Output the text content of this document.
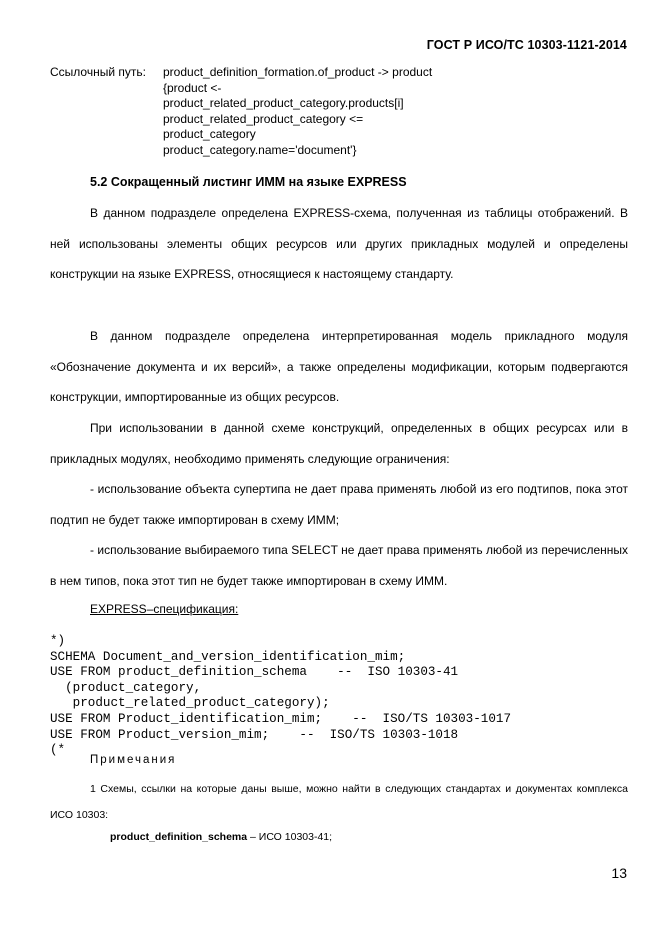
ГОСТ Р ИСО/ТС 10303-1121-2014
Ссылочный путь: product_definition_formation.of_product -> product
{product <-
product_related_product_category.products[i]
product_related_product_category <=
product_category
product_category.name='document'}
5.2 Сокращенный листинг ИММ на языке EXPRESS
В данном подразделе определена EXPRESS-схема, полученная из таблицы отображений. В ней использованы элементы общих ресурсов или других прикладных модулей и определены конструкции на языке EXPRESS, относящиеся к настоящему стандарту.
В данном подразделе определена интерпретированная модель прикладного модуля «Обозначение документа и их версий», а также определены модификации, которым подвергаются конструкции, импортированные из общих ресурсов.
При использовании в данной схеме конструкций, определенных в общих ресурсах или в прикладных модулях, необходимо применять следующие ограничения:
- использование объекта супертипа не дает права применять любой из его подтипов, пока этот подтип не будет также импортирован в схему ИММ;
- использование выбираемого типа SELECT не дает права применять любой из перечисленных в нем типов, пока этот тип не будет также импортирован в схему ИММ.
EXPRESS–спецификация:
*)
SCHEMA Document_and_version_identification_mim;
USE FROM product_definition_schema    --  ISO 10303-41
(product_category,
product_related_product_category);
USE FROM Product_identification_mim;    --  ISO/TS 10303-1017
USE FROM Product_version_mim;    --  ISO/TS 10303-1018
(*
Примечания
1 Схемы, ссылки на которые даны выше, можно найти в следующих стандартах и документах комплекса ИСО 10303:
product_definition_schema – ИСО 10303-41;
13
